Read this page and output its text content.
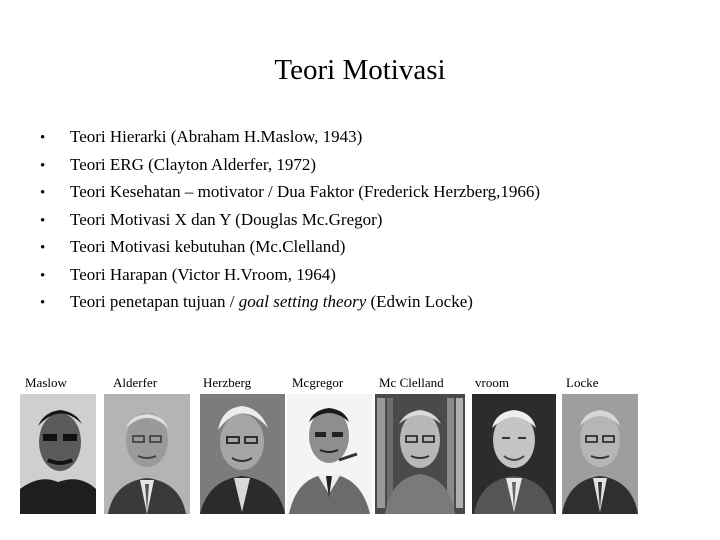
Teori Motivasi
•	Teori Hierarki (Abraham H.Maslow, 1943)
•	Teori ERG (Clayton Alderfer, 1972)
•	Teori Kesehatan – motivator / Dua Faktor (Frederick Herzberg,1966)
•	Teori Motivasi X dan Y (Douglas Mc.Gregor)
•	Teori Motivasi kebutuhan (Mc.Clelland)
•	Teori Harapan (Victor H.Vroom, 1964)
•	Teori penetapan tujuan / goal setting theory (Edwin Locke)
Maslow	Alderfer	Herzberg	Mcgregor	Mc Clelland vroom	Locke
